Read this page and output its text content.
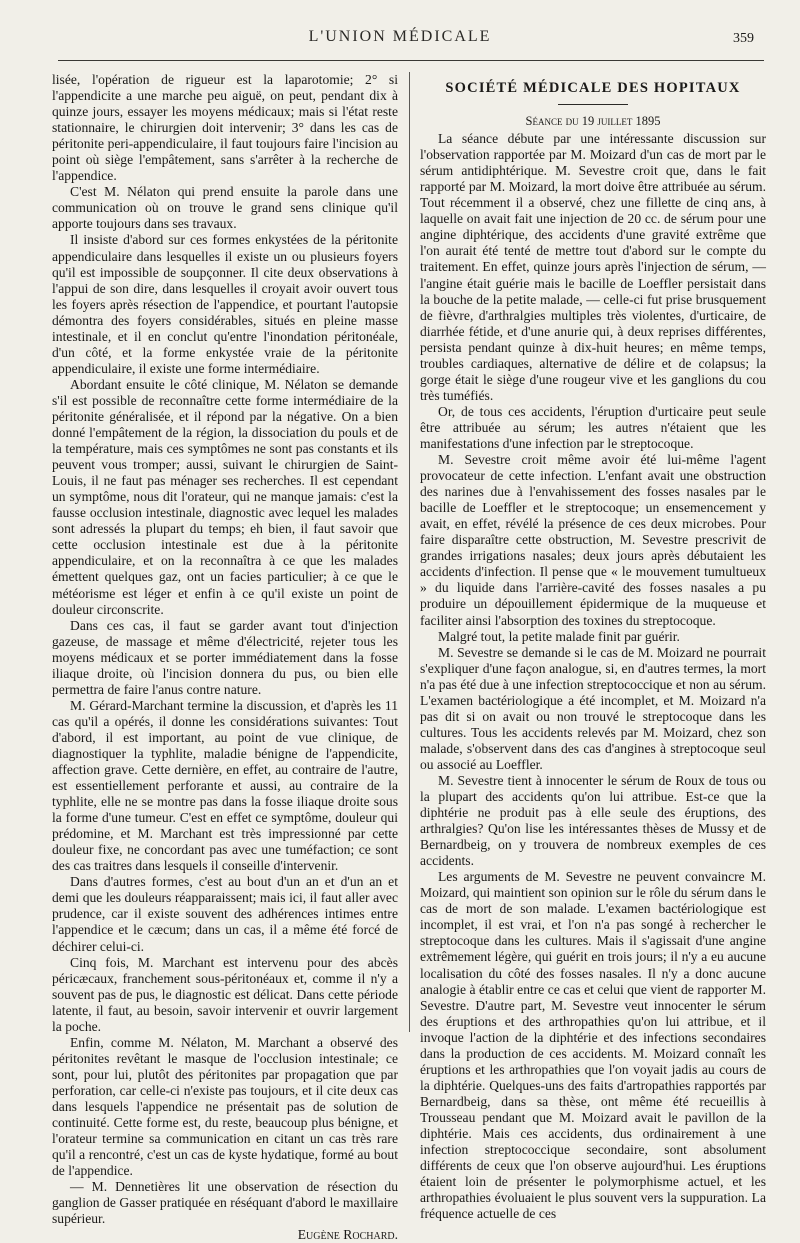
L'UNION MÉDICALE	359

lisée, l'opération de rigueur est la laparotomie; 2° si l'appendicite a une marche peu aiguë, on peut, pendant dix à quinze jours, essayer les moyens médicaux; mais si l'état reste stationnaire, le chirurgien doit intervenir; 3° dans les cas de péritonite peri-appendiculaire, il faut toujours faire l'incision au point où siège l'empâtement, sans s'arrêter à la recherche de l'appendice.

C'est M. Nélaton qui prend ensuite la parole dans une communication où on trouve le grand sens clinique qu'il apporte toujours dans ses travaux.

Il insiste d'abord sur ces formes enkystées de la péritonite appendiculaire dans lesquelles il existe un ou plusieurs foyers qu'il est impossible de soupçonner. Il cite deux observations à l'appui de son dire, dans lesquelles il croyait avoir ouvert tous les foyers après résection de l'appendice, et pourtant l'autopsie démontra des foyers considérables, situés en pleine masse intestinale, et il en conclut qu'entre l'inondation péritonéale, d'un côté, et la forme enkystée vraie de la péritonite appendiculaire, il existe une forme intermédiaire.

Abordant ensuite le côté clinique, M. Nélaton se demande s'il est possible de reconnaître cette forme intermédiaire de la péritonite généralisée, et il répond par la négative. On a bien donné l'empâtement de la région, la dissociation du pouls et de la température, mais ces symptômes ne sont pas constants et ils peuvent vous tromper; aussi, suivant le chirurgien de Saint-Louis, il ne faut pas ménager ses recherches. Il est cependant un symptôme, nous dit l'orateur, qui ne manque jamais: c'est la fausse occlusion intestinale, diagnostic avec lequel les malades sont adressés la plupart du temps; eh bien, il faut savoir que cette occlusion intestinale est due à la péritonite appendiculaire, et on la reconnaîtra à ce que les malades émettent quelques gaz, ont un facies particulier; à ce que le météorisme est léger et enfin à ce qu'il existe un point de douleur circonscrite.

Dans ces cas, il faut se garder avant tout d'injection gazeuse, de massage et même d'électricité, rejeter tous les moyens médicaux et se porter immédiatement dans la fosse iliaque droite, où l'incision donnera du pus, ou bien elle permettra de faire l'anus contre nature.

M. Gérard-Marchant termine la discussion, et d'après les 11 cas qu'il a opérés, il donne les considérations suivantes: Tout d'abord, il est important, au point de vue clinique, de diagnostiquer la typhlite, maladie bénigne de l'appendicite, affection grave. Cette dernière, en effet, au contraire de l'autre, est essentiellement perforante et aussi, au contraire de la typhlite, elle ne se montre pas dans la fosse iliaque droite sous la forme d'une tumeur. C'est en effet ce symptôme, douleur qui prédomine, et M. Marchant est très impressionné par cette douleur fixe, ne concordant pas avec une tuméfaction; ce sont des cas traitres dans lesquels il conseille d'intervenir.

Dans d'autres formes, c'est au bout d'un an et d'un an et demi que les douleurs réapparaissent; mais ici, il faut aller avec prudence, car il existe souvent des adhérences intimes entre l'appendice et le cæcum; dans un cas, il a même été forcé de déchirer celui-ci.

Cinq fois, M. Marchant est intervenu pour des abcès péricæcaux, franchement sous-péritonéaux et, comme il n'y a souvent pas de pus, le diagnostic est délicat. Dans cette période latente, il faut, au besoin, savoir intervenir et ouvrir largement la poche.

Enfin, comme M. Nélaton, M. Marchant a observé des péritonites revêtant le masque de l'occlusion intestinale; ce sont, pour lui, plutôt des péritonites par propagation que par perforation, car celle-ci n'existe pas toujours, et il cite deux cas dans lesquels l'appendice ne présentait pas de solution de continuité. Cette forme est, du reste, beaucoup plus bénigne, et l'orateur termine sa communication en citant un cas très rare qu'il a rencontré, c'est un cas de kyste hydatique, formé au bout de l'appendice.

— M. Dennetières lit une observation de résection du ganglion de Gasser pratiquée en réséquant d'abord le maxillaire supérieur.

Eugène Rochard.

SOCIÉTÉ MÉDICALE DES HOPITAUX
Séance du 19 juillet 1895

La séance débute par une intéressante discussion sur l'observation rapportée par M. Moizard d'un cas de mort par le sérum antidiphtérique. M. Sevestre croit que, dans le fait rapporté par M. Moizard, la mort doive être attribuée au sérum. Tout récemment il a observé, chez une fillette de cinq ans, à laquelle on avait fait une injection de 20 cc. de sérum pour une angine diphtérique, des accidents d'une gravité extrême que l'on aurait été tenté de mettre tout d'abord sur le compte du traitement. En effet, quinze jours après l'injection de sérum, — l'angine était guérie mais le bacille de Loeffler persistait dans la bouche de la petite malade, — celle-ci fut prise brusquement de fièvre, d'arthralgies multiples très violentes, d'urticaire, de diarrhée fétide, et d'une anurie qui, à deux reprises différentes, persista pendant quinze à dix-huit heures; en même temps, troubles cardiaques, alternative de délire et de colapsus; la gorge était le siège d'une rougeur vive et les ganglions du cou très tuméfiés.

Or, de tous ces accidents, l'éruption d'urticaire peut seule être attribuée au sérum; les autres n'étaient que les manifestations d'une infection par le streptocoque.

M. Sevestre croit même avoir été lui-même l'agent provocateur de cette infection. L'enfant avait une obstruction des narines due à l'envahissement des fosses nasales par le bacille de Loeffler et le streptocoque; un ensemencement y avait, en effet, révélé la présence de ces deux microbes. Pour faire disparaître cette obstruction, M. Sevestre prescrivit de grandes irrigations nasales; deux jours après débutaient les accidents d'infection. Il pense que « le mouvement tumultueux » du liquide dans l'arrière-cavité des fosses nasales a pu produire un dépouillement épidermique de la muqueuse et faciliter ainsi l'absorption des toxines du streptocoque.

Malgré tout, la petite malade finit par guérir.

M. Sevestre se demande si le cas de M. Moizard ne pourrait s'expliquer d'une façon analogue, si, en d'autres termes, la mort n'a pas été due à une infection streptococcique et non au sérum. L'examen bactériologique a été incomplet, et M. Moizard n'a pas dit si on avait ou non trouvé le streptocoque dans les cultures. Tous les accidents relevés par M. Moizard, chez son malade, s'observent dans des cas d'angines à streptocoque seul ou associé au Loeffler.

M. Sevestre tient à innocenter le sérum de Roux de tous ou la plupart des accidents qu'on lui attribue. Est-ce que la diphtérie ne produit pas à elle seule des éruptions, des arthralgies? Qu'on lise les intéressantes thèses de Mussy et de Bernardbeig, on y trouvera de nombreux exemples de ces accidents.

Les arguments de M. Sevestre ne peuvent convaincre M. Moizard, qui maintient son opinion sur le rôle du sérum dans le cas de mort de son malade. L'examen bactériologique est incomplet, il est vrai, et l'on n'a pas songé à rechercher le streptocoque dans les cultures. Mais il s'agissait d'une angine extrêmement légère, qui guérit en trois jours; il n'y a eu aucune localisation du côté des fosses nasales. Il n'y a donc aucune analogie à établir entre ce cas et celui que vient de rapporter M. Sevestre. D'autre part, M. Sevestre veut innocenter le sérum des éruptions et des arthropathies qu'on lui attribue, et il invoque l'action de la diphtérie et des infections secondaires dans la production de ces accidents. M. Moizard connaît les éruptions et les arthropathies que l'on voyait jadis au cours de la diphtérie. Quelques-uns des faits d'artropathies rapportés par Bernardbeig, dans sa thèse, ont même été recueillis à Trousseau pendant que M. Moizard avait le pavillon de la diphtérie. Mais ces accidents, dus ordinairement à une infection streptococcique secondaire, sont absolument différents de ceux que l'on observe aujourd'hui. Les éruptions étaient loin de présenter le polymorphisme actuel, et les arthropathies évoluaient le plus souvent vers la suppuration. La fréquence actuelle de ces
